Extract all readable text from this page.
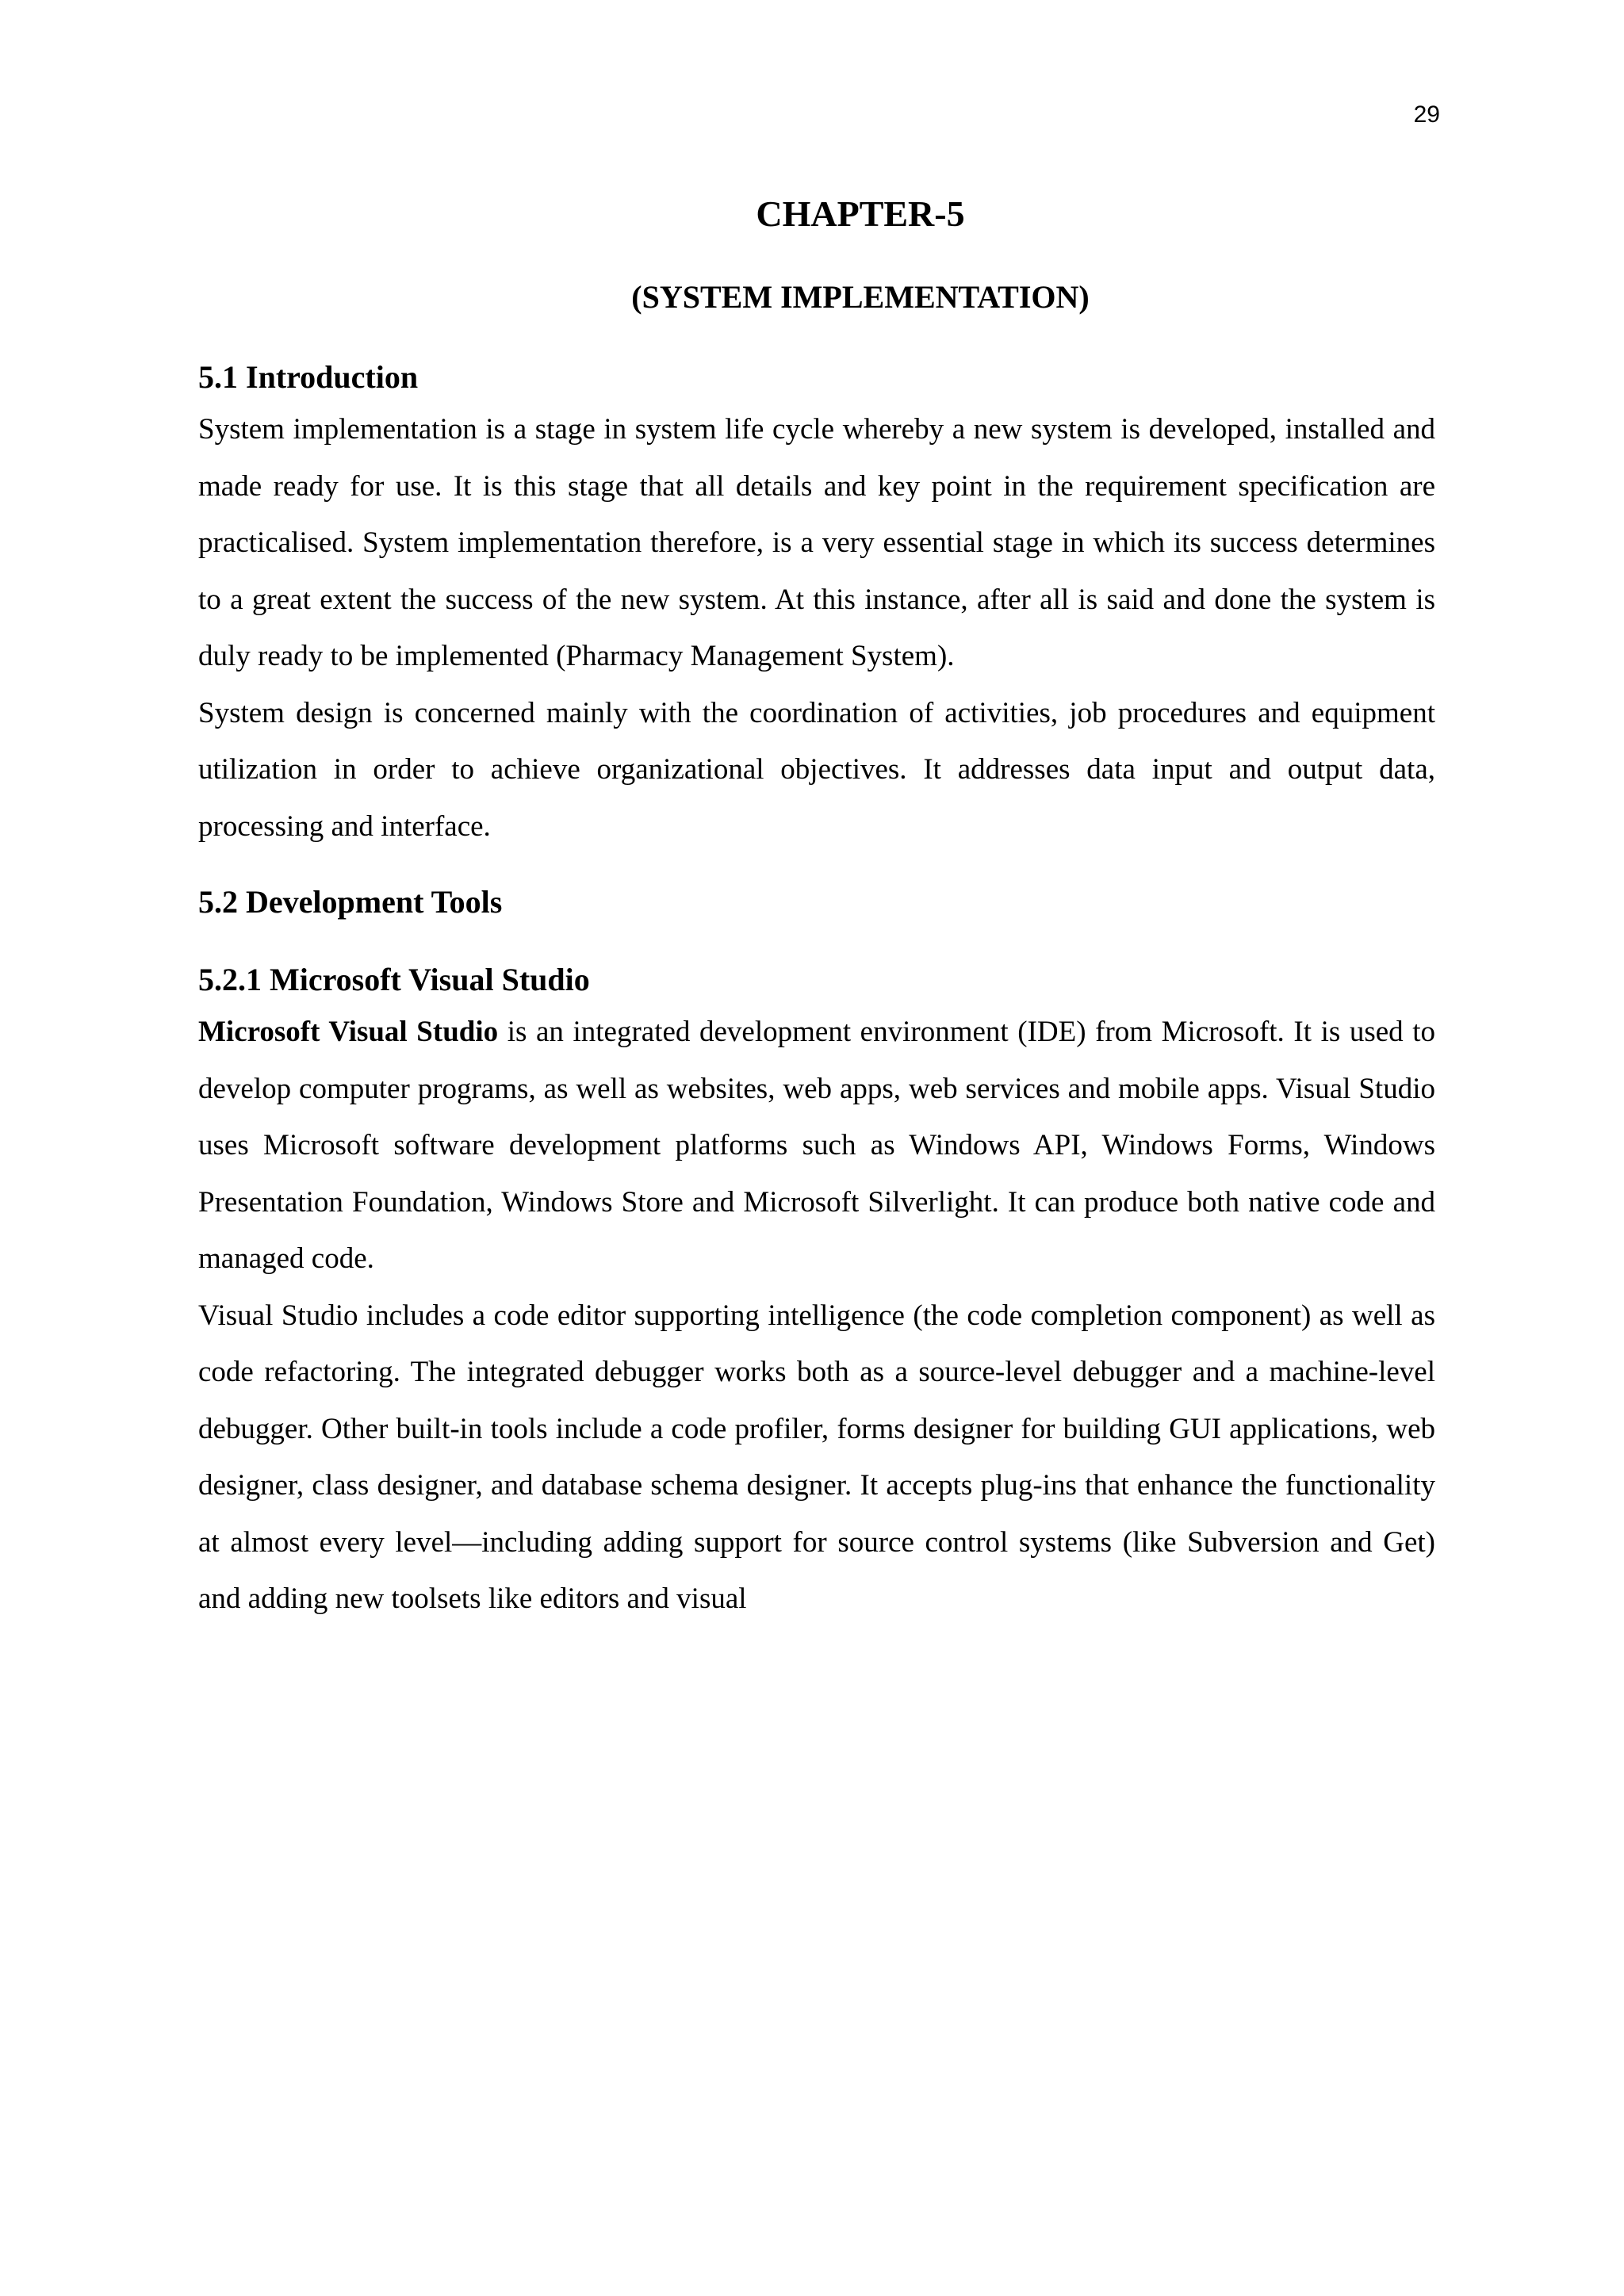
29
CHAPTER-5
(SYSTEM IMPLEMENTATION)
5.1 Introduction

System implementation is a stage in system life cycle whereby a new system is developed, installed and made ready for use. It is this stage that all details and key point in the requirement specification are practicalised. System implementation therefore, is a very essential stage in which its success determines to a great extent the success of the new system. At this instance, after all is said and done the system is duly ready to be implemented (Pharmacy Management System).

System design is concerned mainly with the coordination of activities, job procedures and equipment utilization in order to achieve organizational objectives. It addresses data input and output data, processing and interface.

5.2 Development Tools
5.2.1 Microsoft Visual Studio

Microsoft Visual Studio is an integrated development environment (IDE) from Microsoft. It is used to develop computer programs, as well as websites, web apps, web services and mobile apps. Visual Studio uses Microsoft software development platforms such as Windows API, Windows Forms, Windows Presentation Foundation, Windows Store and Microsoft Silverlight. It can produce both native code and managed code.

Visual Studio includes a code editor supporting intelligence (the code completion component) as well as code refactoring. The integrated debugger works both as a source-level debugger and a machine-level debugger. Other built-in tools include a code profiler, forms designer for building GUI applications, web designer, class designer, and database schema designer. It accepts plug-ins that enhance the functionality at almost every level—including adding support for source control systems (like Subversion and Get) and adding new toolsets like editors and visual
